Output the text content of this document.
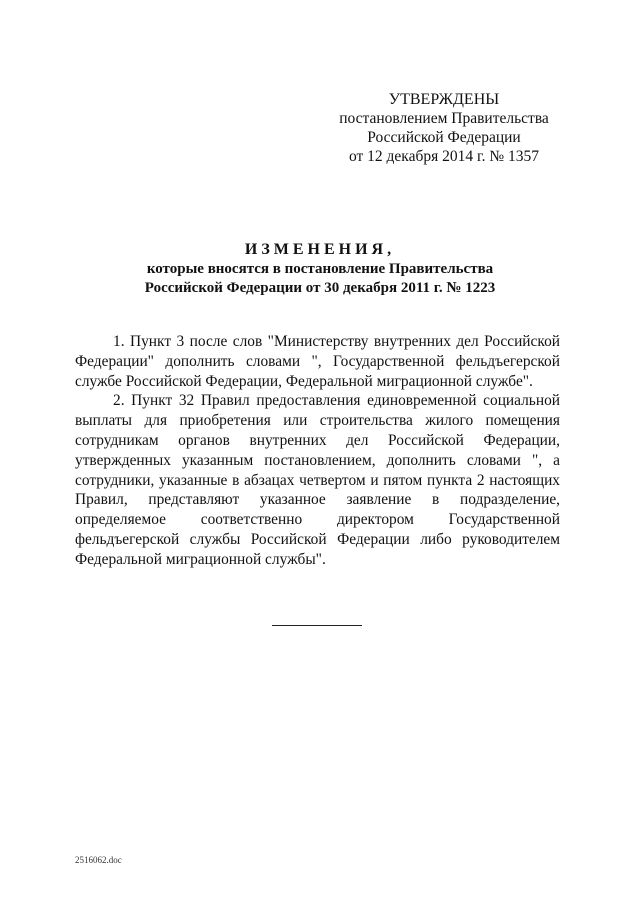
УТВЕРЖДЕНЫ
постановлением Правительства
Российской Федерации
от 12 декабря 2014 г. № 1357
ИЗМЕНЕНИЯ,
которые вносятся в постановление Правительства
Российской Федерации от 30 декабря 2011 г. № 1223

1. Пункт 3 после слов "Министерству внутренних дел Российской Федерации" дополнить словами ", Государственной фельдъегерской службе Российской Федерации, Федеральной миграционной службе".

2. Пункт 32 Правил предоставления единовременной социальной выплаты для приобретения или строительства жилого помещения сотрудникам органов внутренних дел Российской Федерации, утвержденных указанным постановлением, дополнить словами ", а сотрудники, указанные в абзацах четвертом и пятом пункта 2 настоящих Правил, представляют указанное заявление в подразделение, определяемое соответственно директором Государственной фельдъегерской службы Российской Федерации либо руководителем Федеральной миграционной службы".

2516062.doc
